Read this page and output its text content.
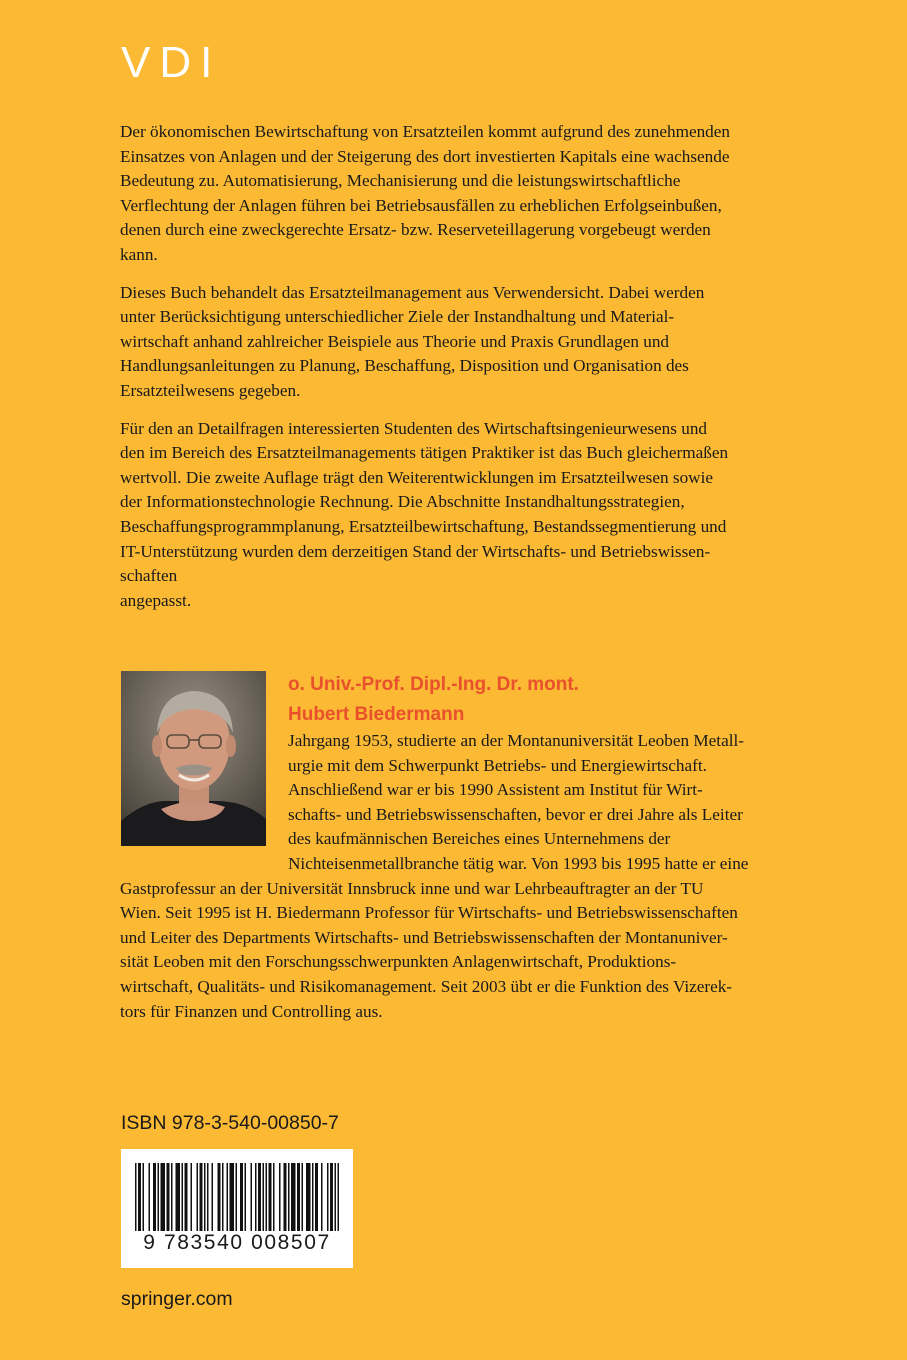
VDI

Der ökonomischen Bewirtschaftung von Ersatzteilen kommt aufgrund des zunehmenden
Einsatzes von Anlagen und der Steigerung des dort investierten Kapitals eine wachsende
Bedeutung zu. Automatisierung, Mechanisierung und die leistungswirtschaftliche
Verflechtung der Anlagen führen bei Betriebsausfällen zu erheblichen Erfolgseinbußen,
denen durch eine zweckgerechte Ersatz- bzw. Reserveteillagerung vorgebeugt werden
kann.

Dieses Buch behandelt das Ersatzteilmanagement aus Verwendersicht. Dabei werden
unter Berücksichtigung unterschiedlicher Ziele der Instandhaltung und Material-
wirtschaft anhand zahlreicher Beispiele aus Theorie und Praxis Grundlagen und
Handlungsanleitungen zu Planung, Beschaffung, Disposition und Organisation des
Ersatzteilwesens gegeben.

Für den an Detailfragen interessierten Studenten des Wirtschaftsingenieurwesens und
den im Bereich des Ersatzteilmanagements tätigen Praktiker ist das Buch gleichermaßen
wertvoll. Die zweite Auflage trägt den Weiterentwicklungen im Ersatzteilwesen sowie
der Informationstechnologie Rechnung. Die Abschnitte Instandhaltungsstrategien,
Beschaffungsprogrammplanung, Ersatzteilbewirtschaftung, Bestandssegmentierung und
IT-Unterstützung wurden dem derzeitigen Stand der Wirtschafts- und Betriebswissen-
schaften
angepasst.

o. Univ.-Prof. Dipl.-Ing. Dr. mont.
Hubert Biedermann
Jahrgang 1953, studierte an der Montanuniversität Leoben Metall-
urgie mit dem Schwerpunkt Betriebs- und Energiewirtschaft.
Anschließend war er bis 1990 Assistent am Institut für Wirt-
schafts- und Betriebswissenschaften, bevor er drei Jahre als Leiter
des kaufmännischen Bereiches eines Unternehmens der
Nichteisenmetallbranche tätig war. Von 1993 bis 1995 hatte er eine
Gastprofessur an der Universität Innsbruck inne und war Lehrbeauftragter an der TU
Wien. Seit 1995 ist H. Biedermann Professor für Wirtschafts- und Betriebswissenschaften
und Leiter des Departments Wirtschafts- und Betriebswissenschaften der Montanuniver-
sität Leoben mit den Forschungsschwerpunkten Anlagenwirtschaft, Produktions-
wirtschaft, Qualitäts- und Risikomanagement. Seit 2003 übt er die Funktion des Vizerek-
tors für Finanzen und Controlling aus.
ISBN 978-3-540-00850-7
9 783540 008507
springer.com
